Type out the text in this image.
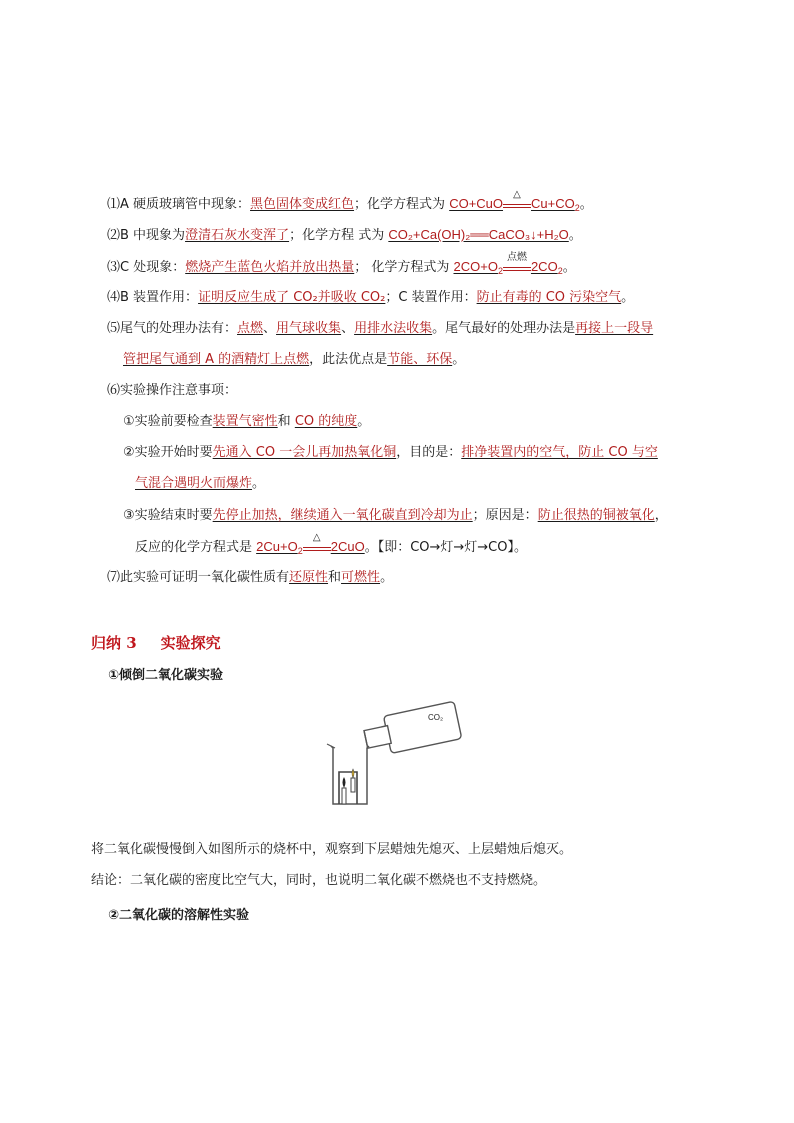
⑴A 硬质玻璃管中现象：黑色固体变成红色；化学方程式为 CO+CuO
△
$Cu+CO_2$。
⑵B 中现象为澄清石灰水变浑了；化学方程 式为 CO₂+Ca(OH)₂══CaCO₃↓+H₂O。
⑶C 处现象：燃烧产生蓝色火焰并放出热量； 化学方程式为 $2CO+O_2$
点燃
$2CO_2$。
⑷B 装置作用：证明反应生成了 CO₂并吸收 CO₂；C 装置作用：防止有毒的 CO 污染空气。
⑸尾气的处理办法有：点燃、用气球收集、用排水法收集。尾气最好的处理办法是再接上一段导
管把尾气通到 A 的酒精灯上点燃，此法优点是节能、环保。
⑹实验操作注意事项：
①实验前要检查装置气密性和 CO 的纯度。
②实验开始时要先通入 CO 一会儿再加热氧化铜，目的是：排净装置内的空气，防止 CO 与空
气混合遇明火而爆炸。
③实验结束时要先停止加热，继续通入一氧化碳直到冷却为止；原因是：防止很热的铜被氧化，
反应的化学方程式是 $2Cu+O_2$
△
2CuO。【即：CO→灯→灯→CO】。
⑺此实验可证明一氧化碳性质有还原性和可燃性。
归纳 3 实验探究
①倾倒二氧化碳实验
CO₂
将二氧化碳慢慢倒入如图所示的烧杯中，观察到下层蜡烛先熄灭、上层蜡烛后熄灭。
结论：二氧化碳的密度比空气大，同时，也说明二氧化碳不燃烧也不支持燃烧。
②二氧化碳的溶解性实验
